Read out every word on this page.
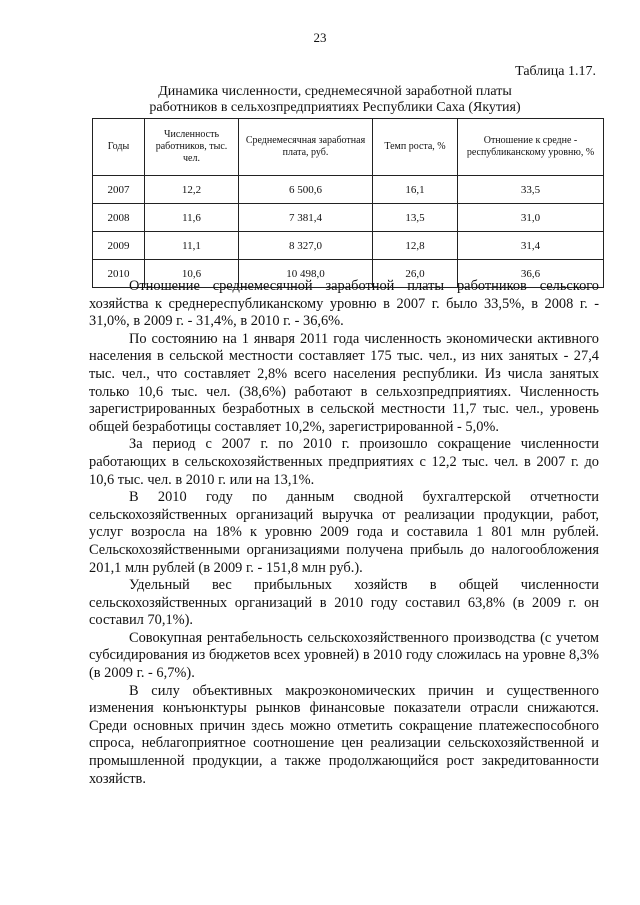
23
Таблица 1.17.
Динамика численности, среднемесячной заработной платы
работников в сельхозпредприятиях Республики Саха (Якутия)
Годы	Численность работников, тыс. чел.	Среднемесячная заработная плата, руб.	Темп роста, %	Отношение к средне - республиканскому уровню, %
2007	12,2	6 500,6	16,1	33,5
2008	11,6	7 381,4	13,5	31,0
2009	11,1	8 327,0	12,8	31,4
2010	10,6	10 498,0	26,0	36,6

Отношение среднемесячной заработной платы работников сельского хозяйства к среднереспубликанскому уровню в 2007 г. было 33,5%, в 2008 г. - 31,0%, в 2009 г. - 31,4%, в 2010 г. - 36,6%.

По состоянию на 1 января 2011 года численность экономически активного населения в сельской местности составляет 175 тыс. чел., из них занятых - 27,4 тыс. чел., что составляет 2,8% всего населения республики. Из числа занятых только 10,6 тыс. чел. (38,6%) работают в сельхозпредприятиях. Численность зарегистрированных безработных в сельской местности 11,7 тыс. чел., уровень общей безработицы составляет 10,2%, зарегистрированной - 5,0%.

За период с 2007 г. по 2010 г. произошло сокращение численности работающих в сельскохозяйственных предприятиях с 12,2 тыс. чел. в 2007 г. до 10,6 тыс. чел. в 2010 г. или на 13,1%.

В 2010 году по данным сводной бухгалтерской отчетности сельскохозяйственных организаций выручка от реализации продукции, работ, услуг возросла на 18% к уровню 2009 года и составила 1 801 млн рублей. Сельскохозяйственными организациями получена прибыль до налогообложения 201,1 млн рублей (в 2009 г. - 151,8 млн руб.).

Удельный вес прибыльных хозяйств в общей численности сельскохозяйственных организаций в 2010 году составил 63,8% (в 2009 г. он составил 70,1%).

Совокупная рентабельность сельскохозяйственного производства (с учетом субсидирования из бюджетов всех уровней) в 2010 году сложилась на уровне 8,3% (в 2009 г. - 6,7%).

В силу объективных макроэкономических причин и существенного изменения конъюнктуры рынков финансовые показатели отрасли снижаются. Среди основных причин здесь можно отметить сокращение платежеспособного спроса, неблагоприятное соотношение цен реализации сельскохозяйственной и промышленной продукции, а также продолжающийся рост закредитованности хозяйств.
